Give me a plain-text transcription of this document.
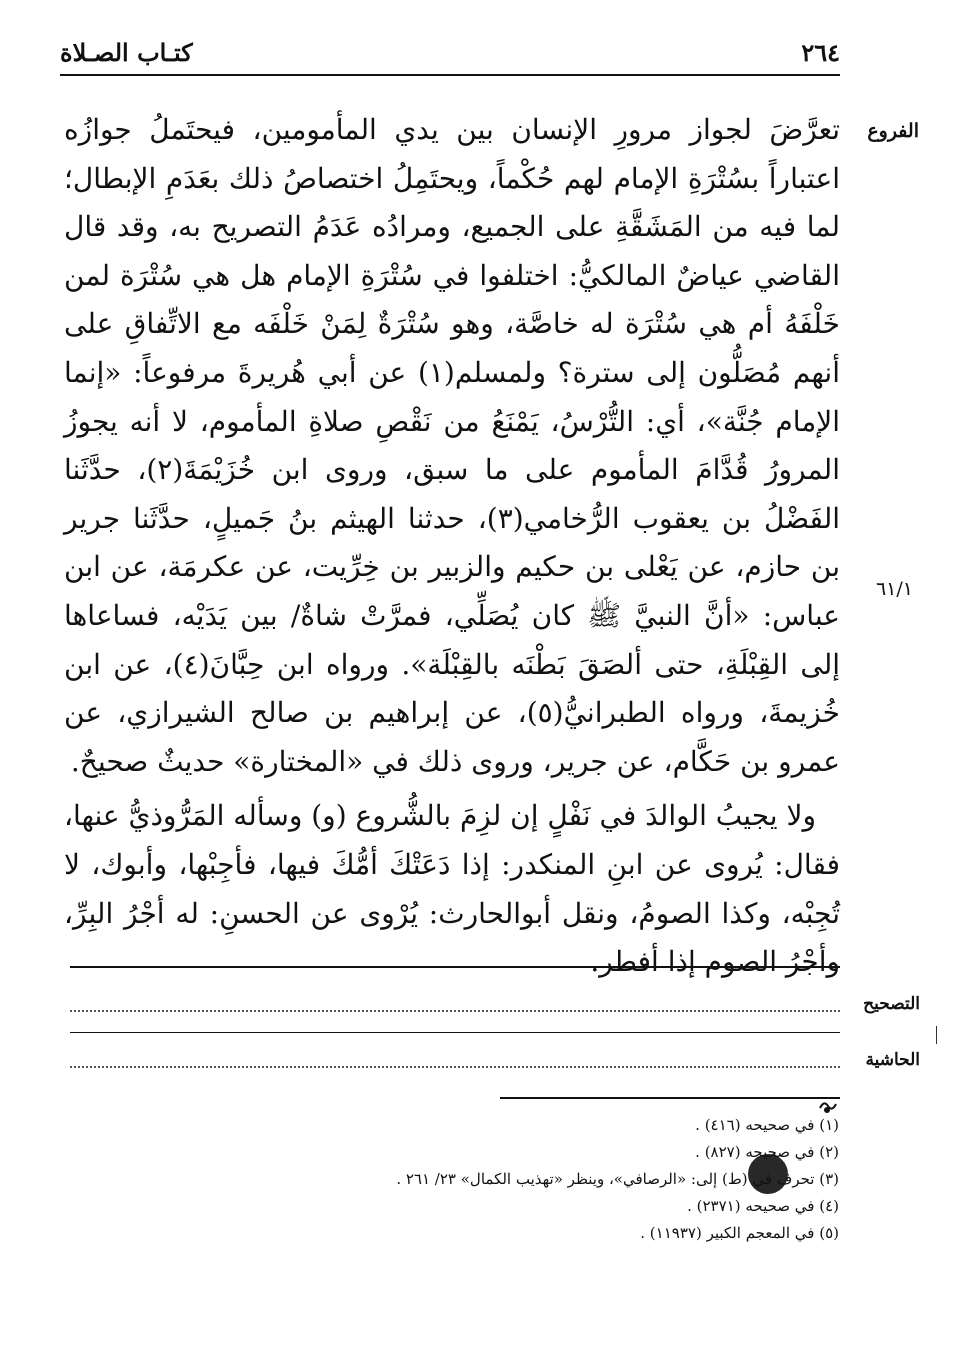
كتـاب الصـلاة	٢٦٤
الفروع
٦١/١

تعرَّضَ لجواز مرورِ الإنسان بين يدي المأمومين، فيحتَملُ جوازُه اعتباراً بسُتْرَةِ الإمام لهم حُكْماً، ويحتَمِلُ اختصاصُ ذلك بعَدَمِ الإبطال؛ لما فيه من المَشَقَّةِ على الجميع، ومرادُه عَدَمُ التصريح به، وقد قال القاضي عياضٌ المالكيُّ: اختلفوا في سُتْرَةِ الإمام هل هي سُتْرَة لمن خَلْفَهُ أم هي سُتْرَة له خاصَّة، وهو سُتْرَةٌ لِمَنْ خَلْفَه مع الاتِّفاقِ على أنهم مُصَلُّون إلى سترة؟ ولمسلم(١) عن أبي هُريرةَ مرفوعاً: «إنما الإمام جُنَّة»، أي: التُّرْسُ، يَمْنَعُ من نَقْصِ صلاةِ المأموم، لا أنه يجوزُ المرورُ قُدَّامَ المأموم على ما سبق، وروى ابن خُزَيْمَةَ(٢)، حدَّثَنا الفَضْلُ بن يعقوب الرُّخامي(٣)، حدثنا الهيثم بنُ جَميلٍ، حدَّثَنا جرير بن حازم، عن يَعْلى بن حكيم والزبير بن خِرِّيت، عن عكرمَة، عن ابن عباس: «أنَّ النبيَّ ﷺ كان يُصَلِّي، فمرَّتْ شاةٌ/ بين يَدَيْه، فساعاها إلى القِبْلَةِ، حتى ألصَقَ بَطْنَه بالقِبْلَة». ورواه ابن حِبَّانَ(٤)، عن ابن خُزيمةَ، ورواه الطبرانيُّ(٥)، عن إبراهيم بن صالح الشيرازي، عن عمرو بن حَكَّام، عن جرير، وروى ذلك في «المختارة» حديثٌ صحيحٌ.

ولا يجيبُ الوالدَ في نَفْلٍ إن لزِمَ بالشُّروع (و) وسأله المَرُّوذيُّ عنها، فقال: يُروى عن ابنِ المنكدر: إذا دَعَتْكَ أمُّكَ فيها، فأجِبْها، وأبوك، لا تُجِبْه، وكذا الصومُ، ونقل أبوالحارث: يُرْوى عن الحسنِ: له أجْرُ البِرِّ، وأجْرُ الصوم إذا أفطر.

التصحيح
الحاشية
(١) في صحيحه (٤١٦) .
(٢) في صحيحه (٨٢٧) .
(٣) تحرف في (ط) إلى: «الرصافي»، وينظر «تهذيب الكمال» ٢٣/ ٢٦١ .
(٤) في صحيحه (٢٣٧١) .
(٥) في المعجم الكبير (١١٩٣٧) .
